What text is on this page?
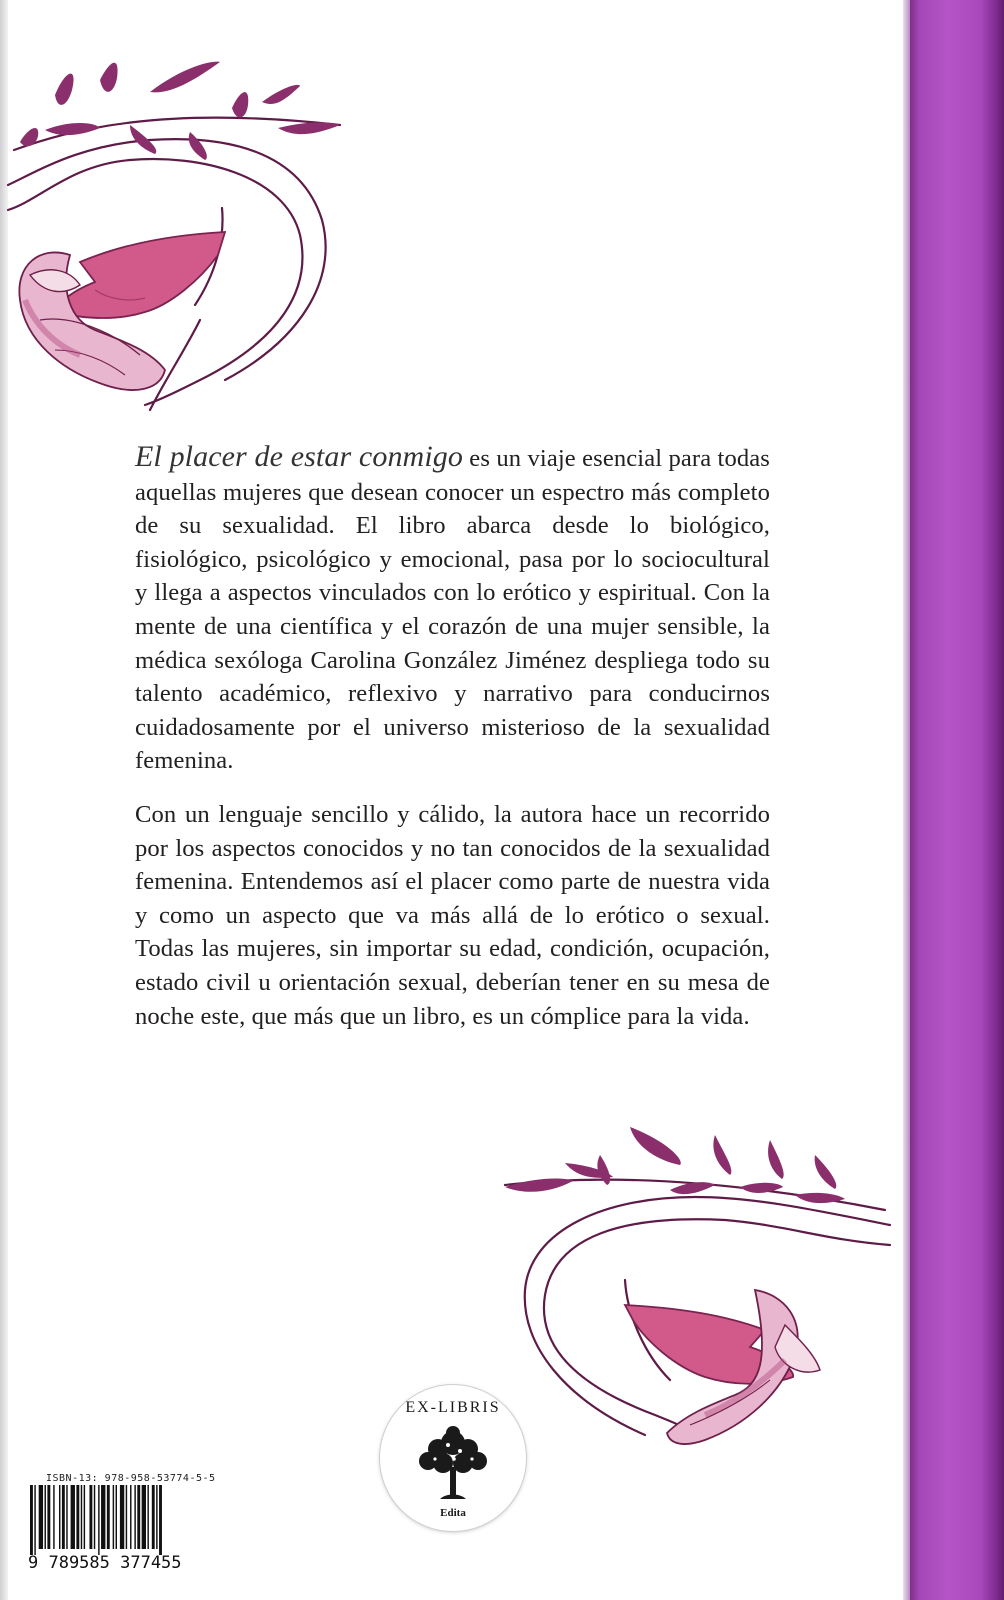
El placer de estar conmigo es un viaje esencial para todas aquellas mujeres que desean conocer un espectro más completo de su sexualidad. El libro abarca desde lo biológico, fisiológico, psicológico y emocional, pasa por lo sociocultural y llega a aspectos vinculados con lo erótico y espiritual. Con la mente de una científica y el corazón de una mujer sensible, la médica sexóloga Carolina González Jiménez despliega todo su talento académico, reflexivo y narrativo para conducirnos cuidadosamente por el universo misterioso de la sexualidad femenina.

Con un lenguaje sencillo y cálido, la autora hace un recorrido por los aspectos conocidos y no tan conocidos de la sexualidad femenina. Entendemos así el placer como parte de nuestra vida y como un aspecto que va más allá de lo erótico o sexual. Todas las mujeres, sin importar su edad, condición, ocupación, estado civil u orientación sexual, deberían tener en su mesa de noche este, que más que un libro, es un cómplice para la vida.

EX-LIBRIS
Edita
ISBN-13: 978-958-53774-5-5
9 789585 377455
